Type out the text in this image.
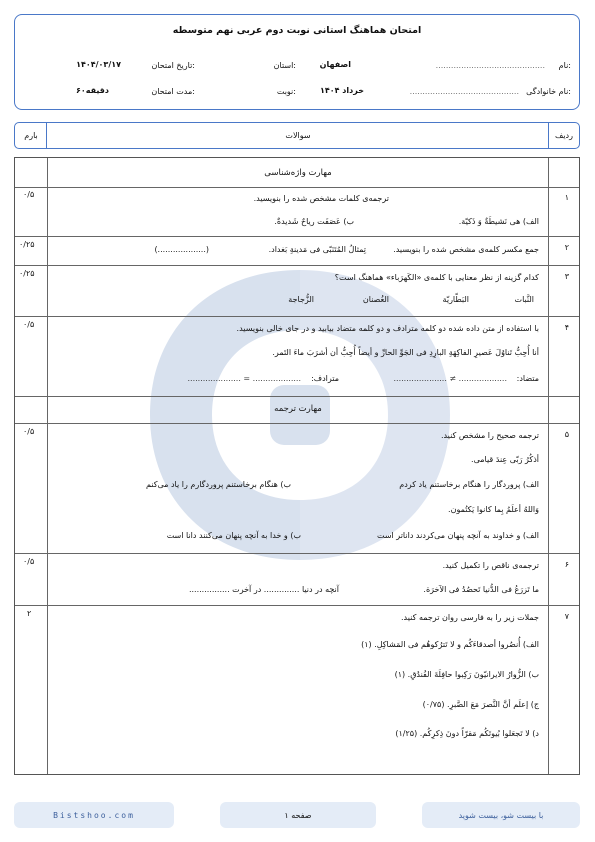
امتحان هماهنگ استانی نوبت دوم عربی نهم متوسطه
نام:
...........................................
استان:	اصفهان
تاریخ امتحان:
۱۴۰۴/۰۳/۱۷
نام خانوادگی:
...........................................
نوبت:	خرداد ۱۴۰۴
مدت امتحان:
۶۰دقیقه
ردیف
سوالات
بارم
مهارت واژه‌شناسی
۱
۰/۵	ترجمه‌ی کلمات مشخص شده را بنویسید.
الف) هی نَشیطَةٌ وَ ذَکیّة.
ب) عَصَفَت ریاحٌ شَدیدةٌ.
۲
۰/۲۵
جمع مکسر کلمه‌ی مشخص شده را بنویسید.
تِمثالُ المُتَنَبّی فی مَدینةِ بَغداد.
(...................)
۳
۰/۲۵	کدام گزینه از نظر معنایی با کلمه‌ی «الکَهرَباء» هماهنگ است؟
النَّبات
البَطّاریّة
الغُصنان
الزُّجاجة
۴
۰/۵	با استفاده از متن داده شده دو کلمه مترادف و دو کلمه متضاد بیابید و در جای خالی بنویسید.
أنا أُحِبُّ تَناوُلَ عَصیرِ الفاکِهَةِ البارِدِ فی الجَوِّ الحارِّ و أیضاً أُحِبُّ أن أشرَبَ ماءَ التَمر.
متضاد:
................... ≠ .....................
مترادف:
................... = .....................
مهارت ترجمه
۵
۰/۵	ترجمه صحیح را مشخص کنید.
أذکُرُ رَبّی عِندَ قیامی.
الف) پروردگار را هنگام برخاستنم یاد کردم
ب) هنگام برخاستنم پروردگارم را یاد می‌کنم
وَاللهُ أعلَمُ بِما کانوا یَکتُمون.
الف) و خداوند به آنچه پنهان می‌کردند داناتر است
ب) و خدا به آنچه پنهان می‌کنند دانا است
۶
۰/۵	ترجمه‌ی ناقص را تکمیل کنید.
ما تَزرَعُ فی الدُّنیا تَحصُدُ فی الآخرَة.
آنچه در دنیا .............. در آخرت ................
۷
۲	جملات زیر را به فارسی روان ترجمه کنید.
الف) أُنصُروا أصدقاءَکُم و لا تَترُکوهُم فی المَشاکِلِ. (۱)
ب) الزُّوارُ الایرانیّونَ رَکِبوا حافِلَةَ الفُندُقِ. (۱)
ج) إعلَم أنَّ النَّصرَ مَعَ الصَّبرِ. (۰/۷۵)
د) لا تَجعَلوا بُیوتَکُم مَقرّاً دونَ ذِکرِکُم. (۱/۲۵)
Bistshoo.com	صفحه ۱	با بیست شو، بیست شوید
